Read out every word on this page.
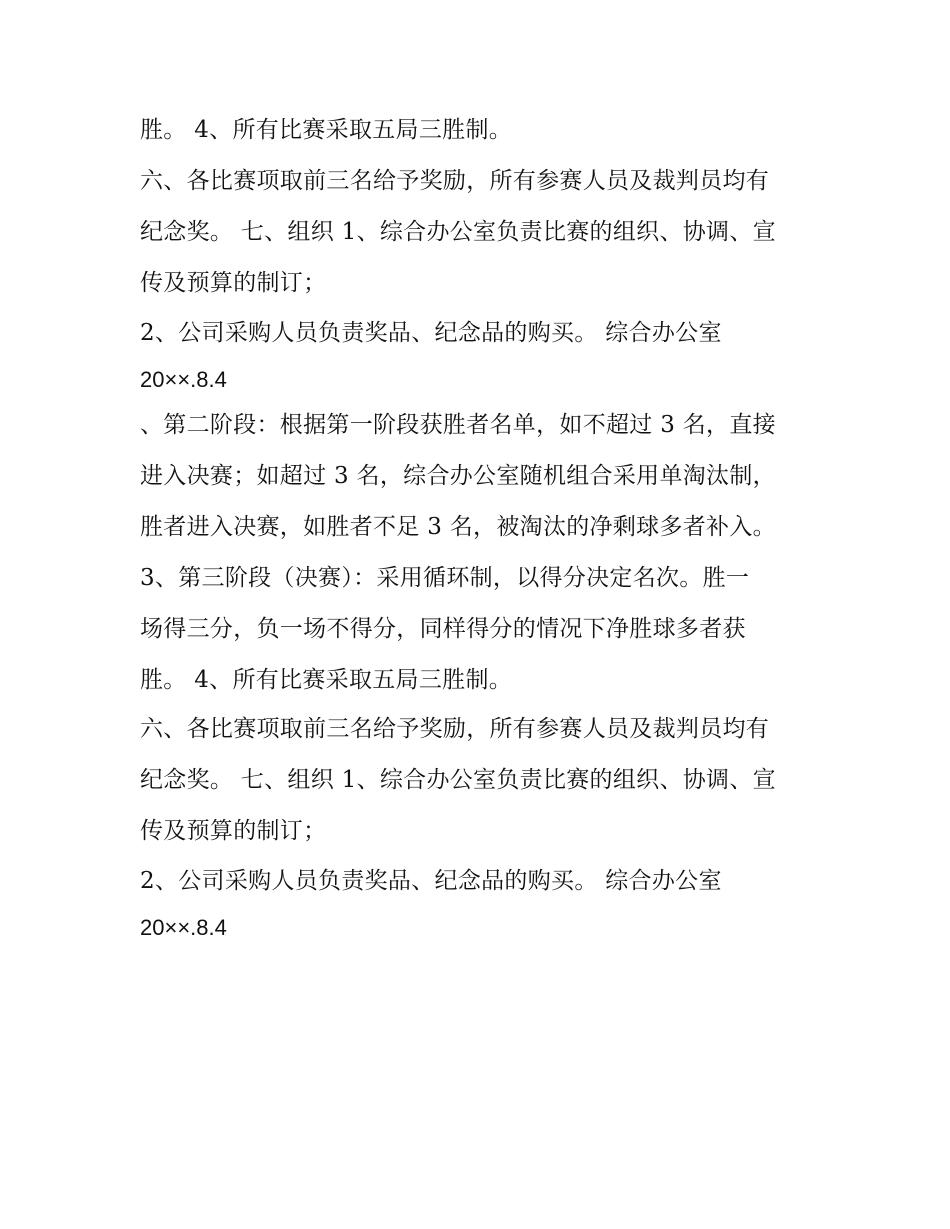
胜。 4、所有比赛采取五局三胜制。
六、各比赛项取前三名给予奖励，所有参赛人员及裁判员均有
纪念奖。 七、组织 1、综合办公室负责比赛的组织、协调、宣
传及预算的制订；
2、公司采购人员负责奖品、纪念品的购买。 综合办公室
20××.8.4
、第二阶段：根据第一阶段获胜者名单，如不超过 3 名，直接
进入决赛；如超过 3 名，综合办公室随机组合采用单淘汰制，
胜者进入决赛，如胜者不足 3 名，被淘汰的净剩球多者补入。
3、第三阶段（决赛）：采用循环制，以得分决定名次。胜一
场得三分，负一场不得分，同样得分的情况下净胜球多者获
胜。 4、所有比赛采取五局三胜制。
六、各比赛项取前三名给予奖励，所有参赛人员及裁判员均有
纪念奖。 七、组织 1、综合办公室负责比赛的组织、协调、宣
传及预算的制订；
2、公司采购人员负责奖品、纪念品的购买。 综合办公室
20××.8.4
